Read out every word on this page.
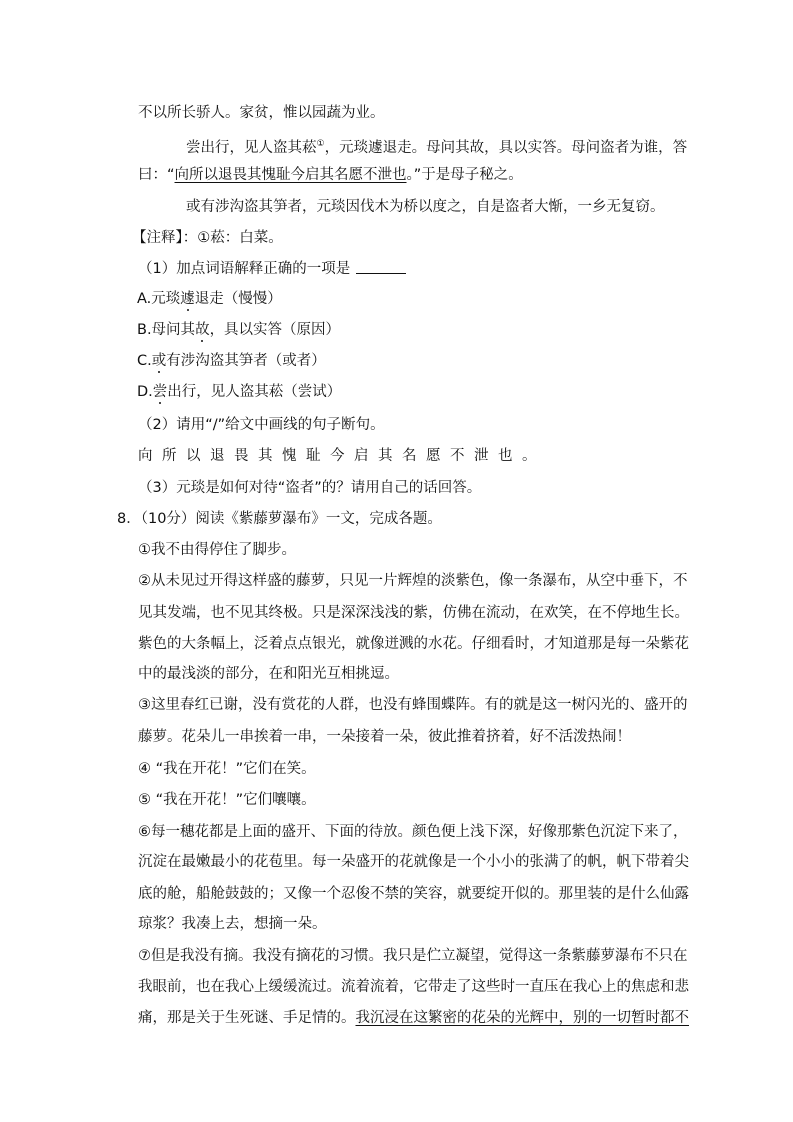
不以所长骄人。家贫，惟以园蔬为业。
尝出行，见人盗其菘①，元琰遽退走。母问其故，具以实答。母问盗者为谁，答
曰：“向所以退畏其愧耻今启其名愿不泄也。”于是母子秘之。
或有涉沟盗其笋者，元琰因伐木为桥以度之，自是盗者大惭，一乡无复窃。
【注释】：①菘：白菜。
（1）加点词语解释正确的一项是
A.元琰遽退走（慢慢）
B.母问其故，具以实答（原因）
C.或有涉沟盗其笋者（或者）
D.尝出行，见人盗其菘（尝试）
（2）请用“/”给文中画线的句子断句。
向所以退畏其愧耻今启其名愿不泄也。
（3）元琰是如何对待“盗者”的？请用自己的话回答。
8．（10分）阅读《紫藤萝瀑布》一文，完成各题。
①我不由得停住了脚步。
②从未见过开得这样盛的藤萝，只见一片辉煌的淡紫色，像一条瀑布，从空中垂下，不
见其发端，也不见其终极。只是深深浅浅的紫，仿佛在流动，在欢笑，在不停地生长。
紫色的大条幅上，泛着点点银光，就像迸溅的水花。仔细看时，才知道那是每一朵紫花
中的最浅淡的部分，在和阳光互相挑逗。
③这里春红已谢，没有赏花的人群，也没有蜂围蝶阵。有的就是这一树闪光的、盛开的
藤萝。花朵儿一串挨着一串，一朵接着一朵，彼此推着挤着，好不活泼热闹！
④ “我在开花！”它们在笑。
⑤ “我在开花！”它们嚷嚷。
⑥每一穗花都是上面的盛开、下面的待放。颜色便上浅下深，好像那紫色沉淀下来了，
沉淀在最嫩最小的花苞里。每一朵盛开的花就像是一个小小的张满了的帆，帆下带着尖
底的舱，船舱鼓鼓的；又像一个忍俊不禁的笑容，就要绽开似的。那里装的是什么仙露
琼浆？我凑上去，想摘一朵。
⑦但是我没有摘。我没有摘花的习惯。我只是伫立凝望，觉得这一条紫藤萝瀑布不只在
我眼前，也在我心上缓缓流过。流着流着，它带走了这些时一直压在我心上的焦虑和悲
痛，那是关于生死谜、手足情的。我沉浸在这繁密的花朵的光辉中，别的一切暂时都不
